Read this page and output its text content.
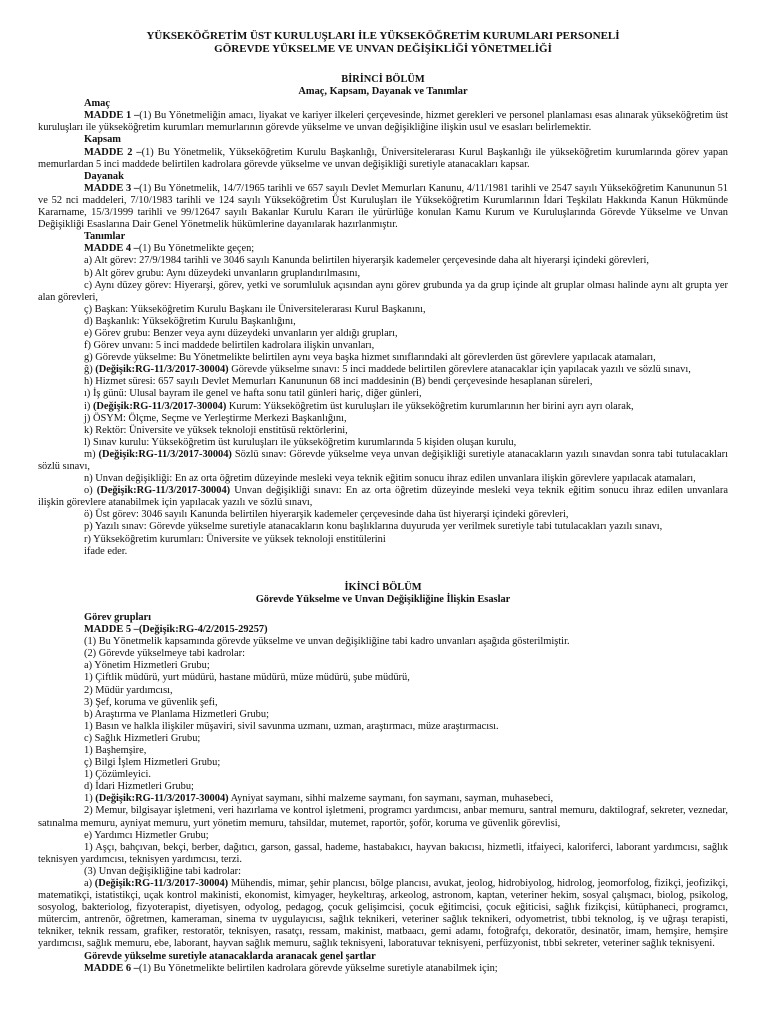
YÜKSEKÖĞRETİM ÜST KURULUŞLARI İLE YÜKSEKÖĞRETİM KURUMLARI PERSONELİ
GÖREVDE YÜKSELME VE UNVAN DEĞİŞİKLİĞİ YÖNETMELİĞİ
BİRİNCİ BÖLÜM
Amaç, Kapsam, Dayanak ve Tanımlar
Amaç
MADDE 1 –(1) Bu Yönetmeliğin amacı, liyakat ve kariyer ilkeleri çerçevesinde, hizmet gerekleri ve personel planlaması esas alınarak yükseköğretim üst kuruluşları ile yükseköğretim kurumları memurlarının görevde yükselme ve unvan değişikliğine ilişkin usul ve esasları belirlemektir.
Kapsam
MADDE 2 –(1) Bu Yönetmelik, Yükseköğretim Kurulu Başkanlığı, Üniversitelerarası Kurul Başkanlığı ile yükseköğretim kurumlarında görev yapan memurlardan 5 inci maddede belirtilen kadrolara görevde yükselme ve unvan değişikliği suretiyle atanacakları kapsar.
Dayanak
MADDE 3 –(1) Bu Yönetmelik, 14/7/1965 tarihli ve 657 sayılı Devlet Memurları Kanunu, 4/11/1981 tarihli ve 2547 sayılı Yükseköğretim Kanununun 51 ve 52 nci maddeleri, 7/10/1983 tarihli ve 124 sayılı Yükseköğretim Üst Kuruluşları ile Yükseköğretim Kurumlarının İdari Teşkilatı Hakkında Kanun Hükmünde Kararname, 15/3/1999 tarihli ve 99/12647 sayılı Bakanlar Kurulu Kararı ile yürürlüğe konulan Kamu Kurum ve Kuruluşlarında Görevde Yükselme ve Unvan Değişikliği Esaslarına Dair Genel Yönetmelik hükümlerine dayanılarak hazırlanmıştır.
Tanımlar
MADDE 4 –(1) Bu Yönetmelikte geçen;
a) Alt görev: 27/9/1984 tarihli ve 3046 sayılı Kanunda belirtilen hiyerarşik kademeler çerçevesinde daha alt hiyerarşi içindeki görevleri,
b) Alt görev grubu: Aynı düzeydeki unvanların gruplandırılmasını,
c) Aynı düzey görev: Hiyerarşi, görev, yetki ve sorumluluk açısından aynı görev grubunda ya da grup içinde alt gruplar olması halinde aynı alt grupta yer alan görevleri,
ç) Başkan: Yükseköğretim Kurulu Başkanı ile Üniversitelerarası Kurul Başkanını,
d) Başkanlık: Yükseköğretim Kurulu Başkanlığını,
e) Görev grubu: Benzer veya aynı düzeydeki unvanların yer aldığı grupları,
f) Görev unvanı: 5 inci maddede belirtilen kadrolara ilişkin unvanları,
g) Görevde yükselme: Bu Yönetmelikte belirtilen aynı veya başka hizmet sınıflarındaki alt görevlerden üst görevlere yapılacak atamaları,
ğ) (Değişik:RG-11/3/2017-30004) Görevde yükselme sınavı: 5 inci maddede belirtilen görevlere atanacaklar için yapılacak yazılı ve sözlü sınavı,
h) Hizmet süresi: 657 sayılı Devlet Memurları Kanununun 68 inci maddesinin (B) bendi çerçevesinde hesaplanan süreleri,
ı) İş günü: Ulusal bayram ile genel ve hafta sonu tatil günleri hariç, diğer günleri,
i) (Değişik:RG-11/3/2017-30004) Kurum: Yükseköğretim üst kuruluşları ile yükseköğretim kurumlarının her birini ayrı ayrı olarak,
j) ÖSYM: Ölçme, Seçme ve Yerleştirme Merkezi Başkanlığını,
k) Rektör: Üniversite ve yüksek teknoloji enstitüsü rektörlerini,
l) Sınav kurulu: Yükseköğretim üst kuruluşları ile yükseköğretim kurumlarında 5 kişiden oluşan kurulu,
m) (Değişik:RG-11/3/2017-30004) Sözlü sınav: Görevde yükselme veya unvan değişikliği suretiyle atanacakların yazılı sınavdan sonra tabi tutulacakları sözlü sınavı,
n) Unvan değişikliği: En az orta öğretim düzeyinde mesleki veya teknik eğitim sonucu ihraz edilen unvanlara ilişkin görevlere yapılacak atamaları,
o) (Değişik:RG-11/3/2017-30004) Unvan değişikliği sınavı: En az orta öğretim düzeyinde mesleki veya teknik eğitim sonucu ihraz edilen unvanlara ilişkin görevlere atanabilmek için yapılacak yazılı ve sözlü sınavı,
ö) Üst görev: 3046 sayılı Kanunda belirtilen hiyerarşik kademeler çerçevesinde daha üst hiyerarşi içindeki görevleri,
p) Yazılı sınav: Görevde yükselme suretiyle atanacakların konu başlıklarına duyuruda yer verilmek suretiyle tabi tutulacakları yazılı sınavı,
r) Yükseköğretim kurumları: Üniversite ve yüksek teknoloji enstitülerini
ifade eder.
İKİNCİ BÖLÜM
Görevde Yükselme ve Unvan Değişikliğine İlişkin Esaslar
Görev grupları
MADDE 5 –(Değişik:RG-4/2/2015-29257)
(1) Bu Yönetmelik kapsamında görevde yükselme ve unvan değişikliğine tabi kadro unvanları aşağıda gösterilmiştir.
(2) Görevde yükselmeye tabi kadrolar:
a) Yönetim Hizmetleri Grubu;
1) Çiftlik müdürü, yurt müdürü, hastane müdürü, müze müdürü, şube müdürü,
2) Müdür yardımcısı,
3) Şef, koruma ve güvenlik şefi,
b) Araştırma ve Planlama Hizmetleri Grubu;
1) Basın ve halkla ilişkiler müşaviri, sivil savunma uzmanı, uzman, araştırmacı, müze araştırmacısı.
c) Sağlık Hizmetleri Grubu;
1) Başhemşire,
ç) Bilgi İşlem Hizmetleri Grubu;
1) Çözümleyici.
d) İdari Hizmetleri Grubu;
1) (Değişik:RG-11/3/2017-30004) Ayniyat saymanı, sihhi malzeme saymanı, fon saymanı, sayman, muhasebeci,
2) Memur, bilgisayar işletmeni, veri hazırlama ve kontrol işletmeni, programcı yardımcısı, anbar memuru, santral memuru, daktilograf, sekreter, veznedar, satınalma memuru, ayniyat memuru, yurt yönetim memuru, tahsildar, mutemet, raportör, şoför, koruma ve güvenlik görevlisi,
e) Yardımcı Hizmetler Grubu;
1) Aşçı, bahçıvan, bekçi, berber, dağıtıcı, garson, gassal, hademe, hastabakıcı, hayvan bakıcısı, hizmetli, itfaiyeci, kaloriferci, laborant yardımcısı, sağlık teknisyen yardımcısı, teknisyen yardımcısı, terzi.
(3) Unvan değişikliğine tabi kadrolar:
a) (Değişik:RG-11/3/2017-30004) Mühendis, mimar, şehir plancısı, bölge plancısı, avukat, jeolog, hidrobiyolog, hidrolog, jeomorfolog, fizikçi, jeofizikçi, matematikçi, istatistikçi, uçak kontrol makinisti, ekonomist, kimyager, heykeltıraş, arkeolog, astronom, kaptan, veteriner hekim, sosyal çalışmacı, biolog, psikolog, sosyolog, bakteriolog, fizyoterapist, diyetisyen, odyolog, pedagog, çocuk gelişimcisi, çocuk eğitimcisi, çocuk eğiticisi, sağlık fizikçisi, kütüphaneci, programcı, mütercim, antrenör, öğretmen, kameraman, sinema tv uygulayıcısı, sağlık teknikeri, veteriner sağlık teknikeri, odyometrist, tıbbi teknolog, iş ve uğraşı terapisti, tekniker, teknik ressam, grafiker, restoratör, teknisyen, rasatçı, ressam, makinist, matbaacı, gemi adamı, fotoğrafçı, dekoratör, desinatör, imam, hemşire, hemşire yardımcısı, sağlık memuru, ebe, laborant, hayvan sağlık memuru, sağlık teknisyeni, laboratuvar teknisyeni, perfüzyonist, tıbbi sekreter, veteriner sağlık teknisyeni.
Görevde yükselme suretiyle atanacaklarda aranacak genel şartlar
MADDE 6 –(1) Bu Yönetmelikte belirtilen kadrolara görevde yükselme suretiyle atanabilmek için;
